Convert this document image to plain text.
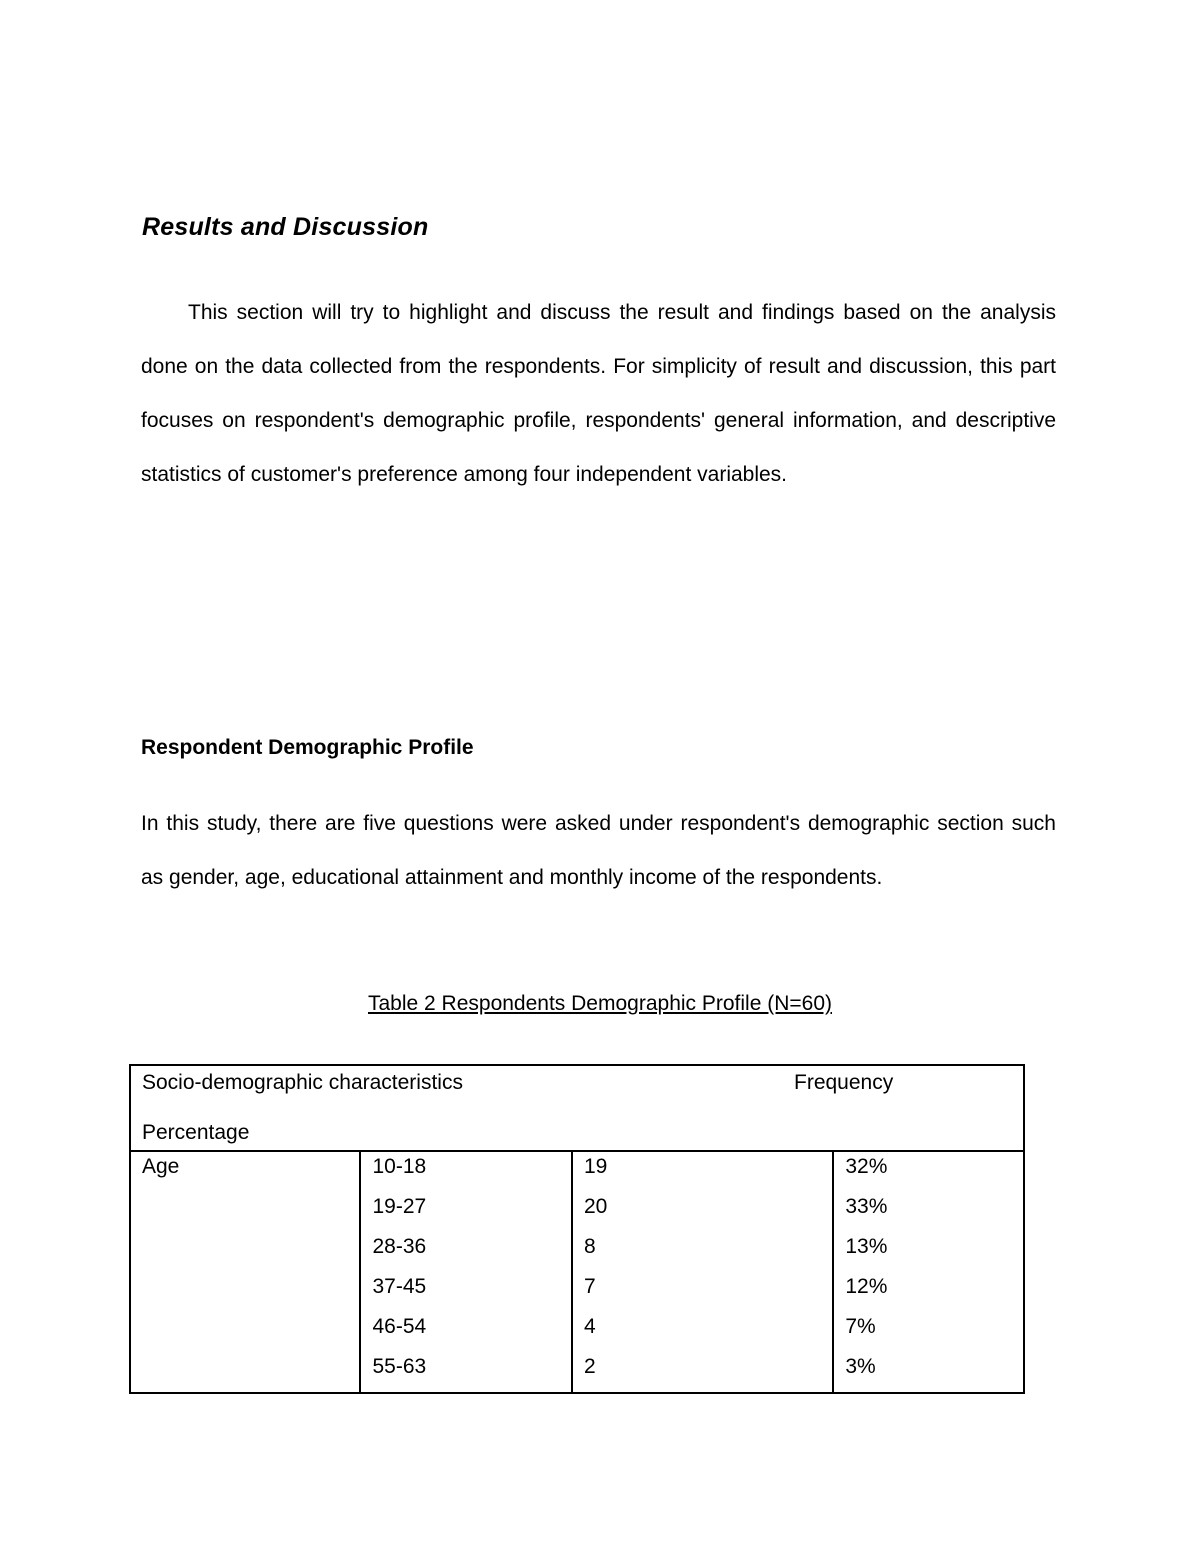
Results and Discussion

This section will try to highlight and discuss the result and findings based on the analysis done on the data collected from the respondents. For simplicity of result and discussion, this part focuses on respondent's demographic profile, respondents' general information, and descriptive statistics of customer's preference among four independent variables.

Respondent Demographic Profile

In this study, there are five questions were asked under respondent's demographic section such as gender, age, educational attainment and monthly income of the respondents.

Table 2 Respondents Demographic Profile (N=60)

Socio-demographic characteristics Frequency
Percentage			

Age	10-18	19	32%
	19-27	20	33%
	28-36	8	13%
	37-45	7	12%
	46-54	4	7%
	55-63	2	3%
